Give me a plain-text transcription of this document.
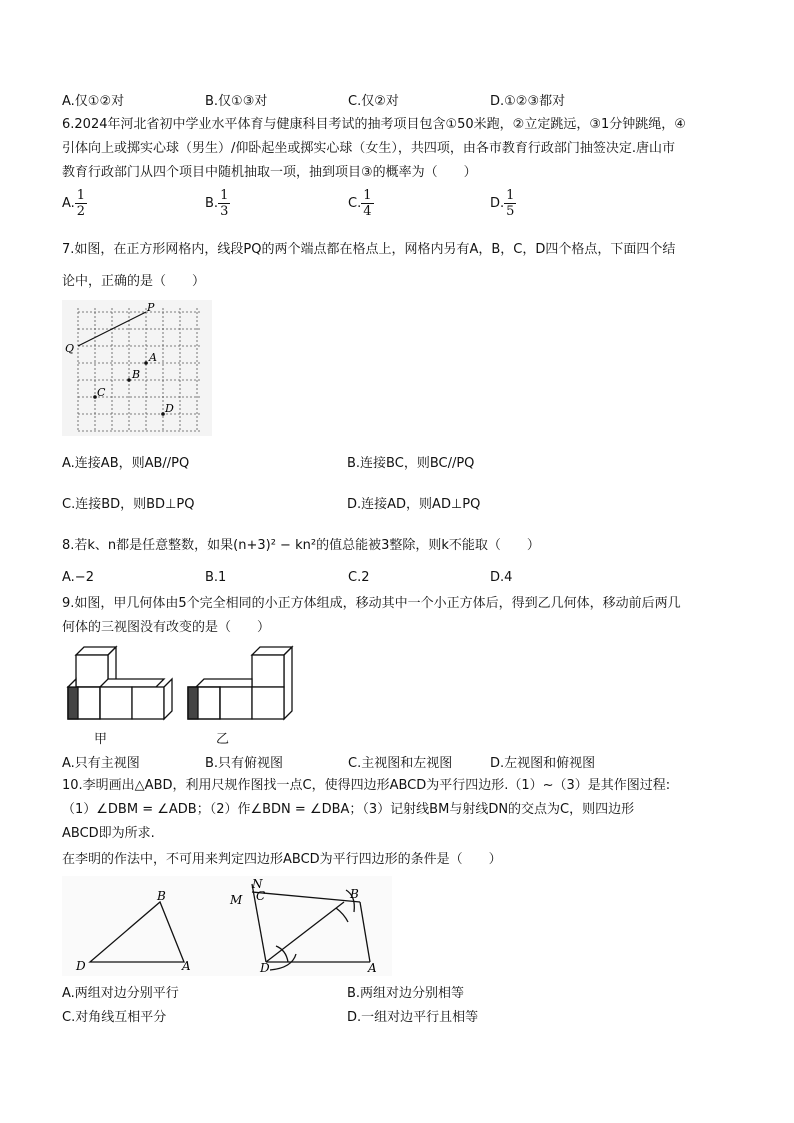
A.仅①②对	B.仅①③对	C.仅②对	D.①②③都对
6.2024年河北省初中学业水平体育与健康科目考试的抽考项目包含①50米跑，②立定跳远，③1分钟跳绳，④
引体向上或掷实心球（男生）/仰卧起坐或掷实心球（女生），共四项，由各市教育行政部门抽签决定.唐山市
教育行政部门从四个项目中随机抽取一项，抽到项目③的概率为（　　）
A. $\frac{1}{2}$	B. $\frac{1}{3}$	C. $\frac{1}{4}$	D. $\frac{1}{5}$
7.如图，在正方形网格内，线段PQ的两个端点都在格点上，网格内另有A，B，C，D四个格点，下面四个结
论中，正确的是（　　）
P
Q
A
B
C
D
A.连接AB，则AB//PQ	B.连接BC，则BC//PQ
C.连接BD，则BD⊥PQ	D.连接AD，则AD⊥PQ
8.若k、n都是任意整数，如果(n+3)² − kn²的值总能被3整除，则k不能取（　　）
A.−2	B.1	C.2	D.4
9.如图，甲几何体由5个完全相同的小正方体组成，移动其中一个小正方体后，得到乙几何体，移动前后两几
何体的三视图没有改变的是（　　）
甲	乙
A.只有主视图	B.只有俯视图	C.主视图和左视图	D.左视图和俯视图
10.李明画出△ABD，利用尺规作图找一点C，使得四边形ABCD为平行四边形.（1）~（3）是其作图过程:
（1）∠DBM = ∠ADB；（2）作∠BDN = ∠DBA；（3）记射线BM与射线DN的交点为C，则四边形
ABCD即为所求.
在李明的作法中，不可用来判定四边形ABCD为平行四边形的条件是（　　）
B
D	A
N
M C	B
D	A
A.两组对边分别平行	B.两组对边分别相等
C.对角线互相平分	D.一组对边平行且相等
